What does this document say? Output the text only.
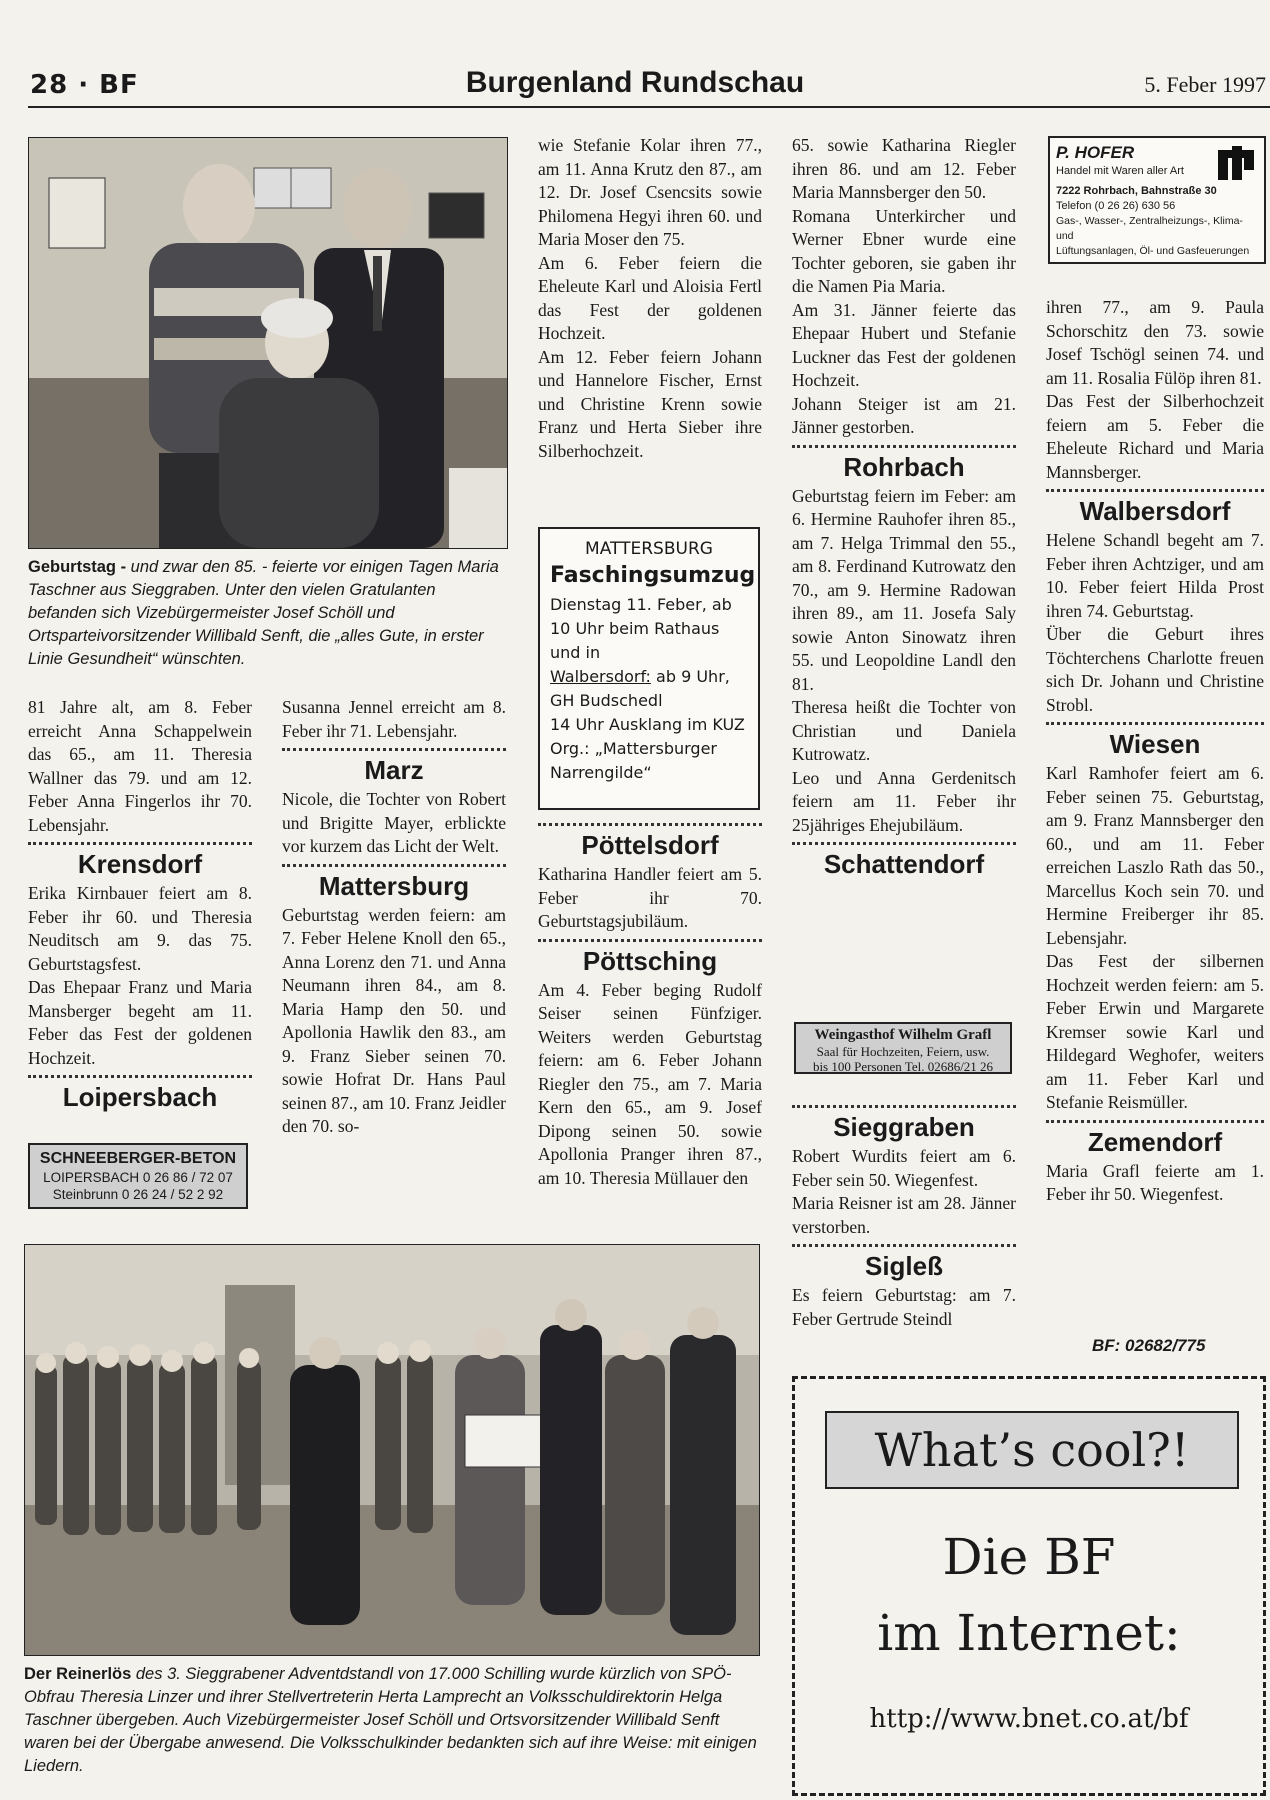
28 · BF	Burgenland Rundschau	5. Feber 1997
Geburtstag - und zwar den 85. - feierte vor einigen Tagen Maria Taschner aus Sieggraben. Unter den vielen Gratulanten befanden sich Vizebürgermeister Josef Schöll und Ortsparteivorsitzender Willibald Senft, die „alles Gute, in erster Linie Gesundheit“ wünschten.

81 Jahre alt, am 8. Feber erreicht Anna Schappelwein das 65., am 11. Theresia Wallner das 79. und am 12. Feber Anna Fingerlos ihr 70. Lebensjahr.

Krensdorf

Erika Kirnbauer feiert am 8. Feber ihr 60. und Theresia Neuditsch am 9. das 75. Geburtstagsfest.

Das Ehepaar Franz und Maria Mansberger begeht am 11. Feber das Fest der goldenen Hochzeit.

Loipersbach
SCHNEEBERGER-BETON
LOIPERSBACH 0 26 86 / 72 07
Steinbrunn 0 26 24 / 52 2 92

Susanna Jennel erreicht am 8. Feber ihr 71. Lebensjahr.

Marz

Nicole, die Tochter von Robert und Brigitte Mayer, erblickte vor kurzem das Licht der Welt.

Mattersburg

Geburtstag werden feiern: am 7. Feber Helene Knoll den 65., Anna Lorenz den 71. und Anna Neumann ihren 84., am 8. Maria Hamp den 50. und Apollonia Hawlik den 83., am 9. Franz Sieber seinen 70. sowie Hofrat Dr. Hans Paul seinen 87., am 10. Franz Jeidler den 70. so-

wie Stefanie Kolar ihren 77., am 11. Anna Krutz den 87., am 12. Dr. Josef Csencsits sowie Philomena Hegyi ihren 60. und Maria Moser den 75.

Am 6. Feber feiern die Eheleute Karl und Aloisia Fertl das Fest der goldenen Hochzeit.

Am 12. Feber feiern Johann und Hannelore Fischer, Ernst und Christine Krenn sowie Franz und Herta Sieber ihre Silberhochzeit.

MATTERSBURG
Faschingsumzug
Dienstag 11. Feber, ab
10 Uhr beim Rathaus
und in
Walbersdorf: ab 9 Uhr,
GH Budschedl
14 Uhr Ausklang im KUZ
Org.: „Mattersburger
Narrengilde“
Pöttelsdorf

Katharina Handler feiert am 5. Feber ihr 70. Geburtstagsjubiläum.

Pöttsching

Am 4. Feber beging Rudolf Seiser seinen Fünfziger. Weiters werden Geburtstag feiern: am 6. Feber Johann Riegler den 75., am 7. Maria Kern den 65., am 9. Josef Dipong seinen 50. sowie Apollonia Pranger ihren 87., am 10. Theresia Müllauer den

65. sowie Katharina Riegler ihren 86. und am 12. Feber Maria Mannsberger den 50.

Romana Unterkircher und Werner Ebner wurde eine Tochter geboren, sie gaben ihr die Namen Pia Maria.

Am 31. Jänner feierte das Ehepaar Hubert und Stefanie Luckner das Fest der goldenen Hochzeit.

Johann Steiger ist am 21. Jänner gestorben.

Rohrbach

Geburtstag feiern im Feber: am 6. Hermine Rauhofer ihren 85., am 7. Helga Trimmal den 55., am 8. Ferdinand Kutrowatz den 70., am 9. Hermine Radowan ihren 89., am 11. Josefa Saly sowie Anton Sinowatz ihren 55. und Leopoldine Landl den 81.

Theresa heißt die Tochter von Christian und Daniela Kutrowatz.

Leo und Anna Gerdenitsch feiern am 11. Feber ihr 25jähriges Ehejubiläum.

Schattendorf
Weingasthof Wilhelm Grafl
Saal für Hochzeiten, Feiern, usw.
bis 100 Personen Tel. 02686/21 26
Sieggraben

Robert Wurdits feiert am 6. Feber sein 50. Wiegenfest.

Maria Reisner ist am 28. Jänner verstorben.

Sigleß

Es feiern Geburtstag: am 7. Feber Gertrude Steindl

P. HOFER
Handel mit Waren aller Art
7222 Rohrbach, Bahnstraße 30
Telefon (0 26 26) 630 56
Gas-, Wasser-, Zentralheizungs-, Klima- und
Lüftungsanlagen, Öl- und Gasfeuerungen

ihren 77., am 9. Paula Schorschitz den 73. sowie Josef Tschögl seinen 74. und am 11. Rosalia Fülöp ihren 81.

Das Fest der Silberhochzeit feiern am 5. Feber die Eheleute Richard und Maria Mannsberger.

Walbersdorf

Helene Schandl begeht am 7. Feber ihren Achtziger, und am 10. Feber feiert Hilda Prost ihren 74. Geburtstag.

Über die Geburt ihres Töchterchens Charlotte freuen sich Dr. Johann und Christine Strobl.

Wiesen

Karl Ramhofer feiert am 6. Feber seinen 75. Geburtstag, am 9. Franz Mannsberger den 60., und am 11. Feber erreichen Laszlo Rath das 50., Marcellus Koch sein 70. und Hermine Freiberger ihr 85. Lebensjahr.

Das Fest der silbernen Hochzeit werden feiern: am 5. Feber Erwin und Margarete Kremser sowie Karl und Hildegard Weghofer, weiters am 11. Feber Karl und Stefanie Reismüller.

Zemendorf

Maria Grafl feierte am 1. Feber ihr 50. Wiegenfest.

BF: 02682/775
Der Reinerlös des 3. Sieggrabener Adventdstandl von 17.000 Schilling wurde kürzlich von SPÖ-Obfrau Theresia Linzer und ihrer Stellvertreterin Herta Lamprecht an Volksschuldirektorin Helga Taschner übergeben. Auch Vizebürgermeister Josef Schöll und Ortsvorsitzender Willibald Senft waren bei der Übergabe anwesend. Die Volksschulkinder bedankten sich auf ihre Weise: mit einigen Liedern.
What’s cool?!
Die BF
im Internet:
http://www.bnet.co.at/bf
